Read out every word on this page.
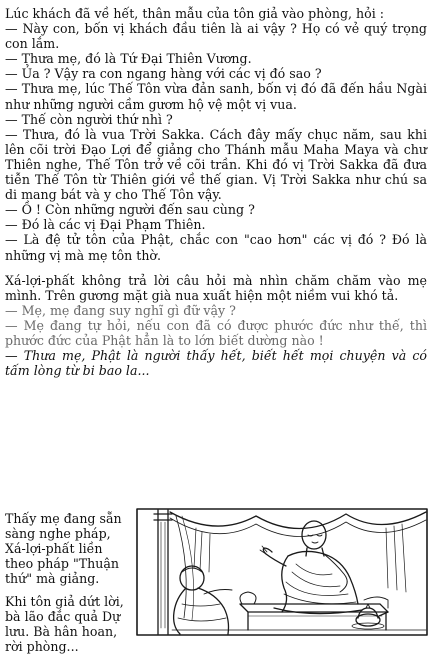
Lúc khách đã về hết, thân mẫu của tôn giả vào phòng, hỏi :

— Này con, bốn vị khách đầu tiên là ai vậy ? Họ có vẻ quý trọng con lắm.

— Thưa mẹ, đó là Tứ Đại Thiên Vương.

— Ủa ? Vậy ra con ngang hàng với các vị đó sao ?

— Thưa mẹ, lúc Thế Tôn vừa đản sanh, bốn vị đó đã đến hầu Ngài như những người cầm gươm hộ vệ một vị vua.

— Thế còn người thứ nhì ?

— Thưa, đó là vua Trời Sakka. Cách đây mấy chục năm, sau khi lên cõi trời Đạo Lợi để giảng cho Thánh mẫu Maha Maya và chư Thiên nghe, Thế Tôn trở về cõi trần. Khi đó vị Trời Sakka đã đưa tiễn Thế Tôn từ Thiên giới về thế gian. Vị Trời Sakka như chú sa di mang bát và y cho Thế Tôn vậy.

— Ồ ! Còn những người đến sau cùng ?

— Đó là các vị Đại Phạm Thiên.

— Là đệ tử tôn của Phật, chắc con "cao hơn" các vị đó ? Đó là những vị mà mẹ tôn thờ.

Xá-lợi-phất không trả lời câu hỏi mà nhìn chăm chăm vào mẹ mình. Trên gương mặt già nua xuất hiện một niềm vui khó tả.

— Mẹ, mẹ đang suy nghĩ gì đữ vậy ?

— Mẹ đang tự hỏi, nếu con đã có được phước đức như thế, thì phước đức của Phật hẳn là to lớn biết dường nào !

— Thưa mẹ, Phật là người thấy hết, biết hết mọi chuyện và có tấm lòng từ bi bao la...

Thấy mẹ đang sẵn sàng nghe pháp, Xá-lợi-phất liền theo pháp "Thuận thứ" mà giảng.

Khi tôn giả dứt lời, bà lão đắc quả Dự lưu. Bà hân hoan, rời phòng...
